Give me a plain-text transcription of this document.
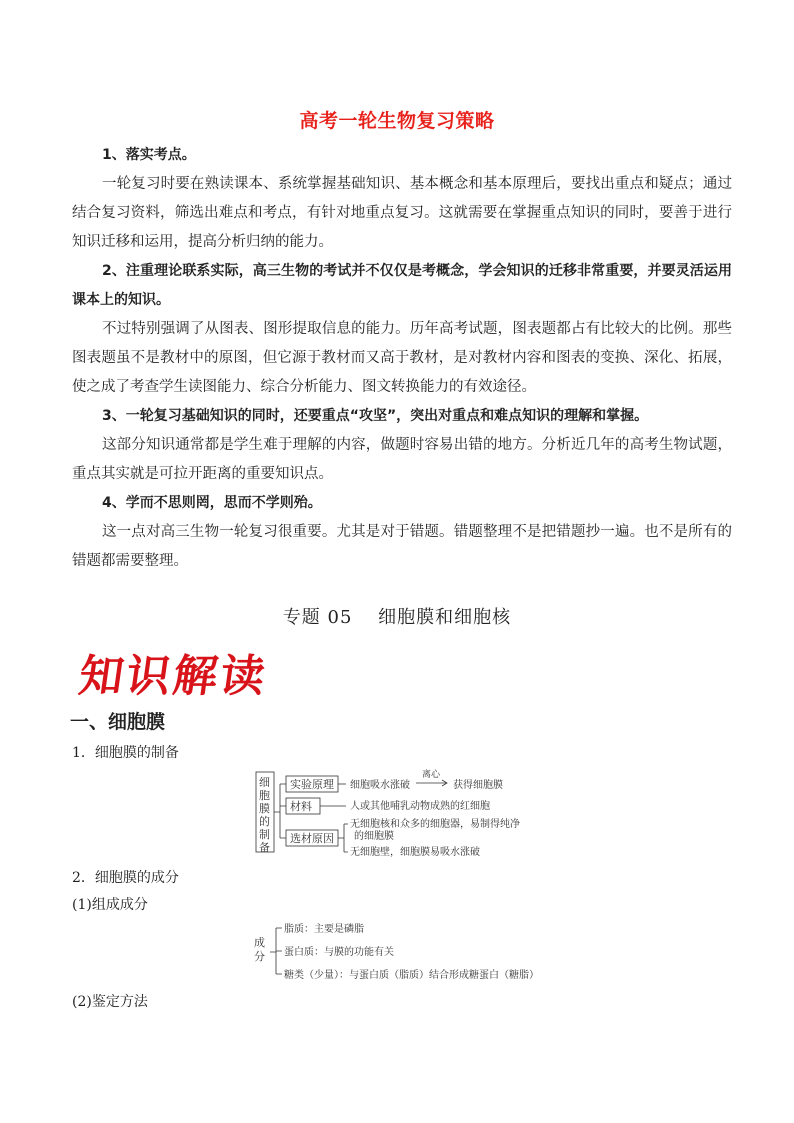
高考一轮生物复习策略

1、落实考点。

一轮复习时要在熟读课本、系统掌握基础知识、基本概念和基本原理后，要找出重点和疑点；通过结合复习资料，筛选出难点和考点，有针对地重点复习。这就需要在掌握重点知识的同时，要善于进行知识迁移和运用，提高分析归纳的能力。

2、注重理论联系实际，高三生物的考试并不仅仅是考概念，学会知识的迁移非常重要，并要灵活运用课本上的知识。

不过特别强调了从图表、图形提取信息的能力。历年高考试题，图表题都占有比较大的比例。那些图表题虽不是教材中的原图，但它源于教材而又高于教材，是对教材内容和图表的变换、深化、拓展，使之成了考查学生读图能力、综合分析能力、图文转换能力的有效途径。

3、一轮复习基础知识的同时，还要重点“攻坚”，突出对重点和难点知识的理解和掌握。

这部分知识通常都是学生难于理解的内容，做题时容易出错的地方。分析近几年的高考生物试题，重点其实就是可拉开距离的重要知识点。

4、学而不思则罔，思而不学则殆。

这一点对高三生物一轮复习很重要。尤其是对于错题。错题整理不是把错题抄一遍。也不是所有的错题都需要整理。

专题 05　 细胞膜和细胞核
知识解读
一、细胞膜
1．细胞膜的制备
细 胞 膜 的 制 备
实验原理 细胞吸水涨破
离心
获得细胞膜
材料	人或其他哺乳动物成熟的红细胞
选材原因
无细胞核和众多的细胞器，易制得纯净
的细胞膜
无细胞壁，细胞膜易吸水涨破
2．细胞膜的成分
(1)组成成分
成 分
脂质：主要是磷脂
蛋白质：与膜的功能有关
糖类（少量）：与蛋白质（脂质）结合形成糖蛋白（糖脂）
(2)鉴定方法
